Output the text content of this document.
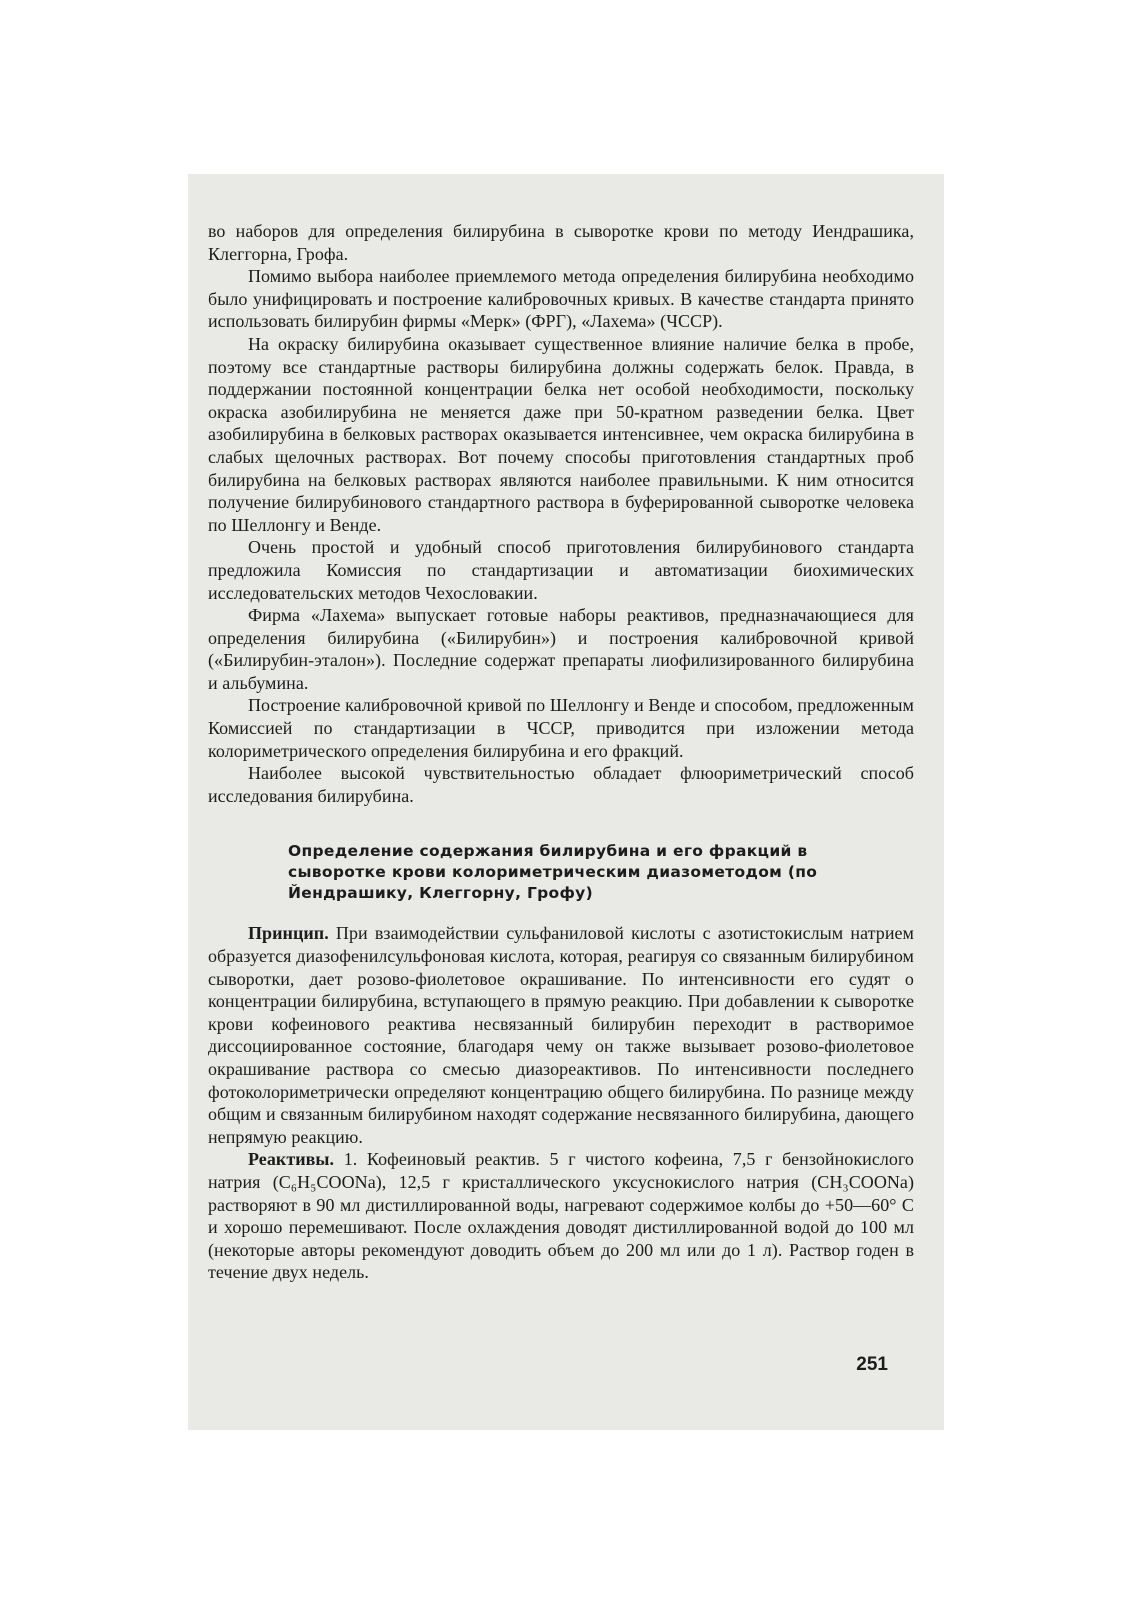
во наборов для определения билирубина в сыворотке крови по методу Иендрашика, Клеггорна, Грофа.

Помимо выбора наиболее приемлемого метода определения билирубина необходимо было унифицировать и построение калибровочных кривых. В качестве стандарта принято использовать билирубин фирмы «Мерк» (ФРГ), «Лахема» (ЧССР).

На окраску билирубина оказывает существенное влияние наличие белка в пробе, поэтому все стандартные растворы билирубина должны содержать белок. Правда, в поддержании постоянной концентрации белка нет особой необходимости, поскольку окраска азобилирубина не меняется даже при 50-кратном разведении белка. Цвет азобилирубина в белковых растворах оказывается интенсивнее, чем окраска билирубина в слабых щелочных растворах. Вот почему способы приготовления стандартных проб билирубина на белковых растворах являются наиболее правильными. К ним относится получение билирубинового стандартного раствора в буферированной сыворотке человека по Шеллонгу и Венде.

Очень простой и удобный способ приготовления билирубинового стандарта предложила Комиссия по стандартизации и автоматизации биохимических исследовательских методов Чехословакии.

Фирма «Лахема» выпускает готовые наборы реактивов, предназначающиеся для определения билирубина («Билирубин») и построения калибровочной кривой («Билирубин-эталон»). Последние содержат препараты лиофилизированного билирубина и альбумина.

Построение калибровочной кривой по Шеллонгу и Венде и способом, предложенным Комиссией по стандартизации в ЧССР, приводится при изложении метода колориметрического определения билирубина и его фракций.

Наиболее высокой чувствительностью обладает флюориметрический способ исследования билирубина.

Определение содержания билирубина и его фракций в сыворотке крови колориметрическим диазометодом (по Йендрашику, Клеггорну, Грофу)

Принцип. При взаимодействии сульфаниловой кислоты с азотистокислым натрием образуется диазофенилсульфоновая кислота, которая, реагируя со связанным билирубином сыворотки, дает розово-фиолетовое окрашивание. По интенсивности его судят о концентрации билирубина, вступающего в прямую реакцию. При добавлении к сыворотке крови кофеинового реактива несвязанный билирубин переходит в растворимое диссоциированное состояние, благодаря чему он также вызывает розово-фиолетовое окрашивание раствора со смесью диазореактивов. По интенсивности последнего фотоколориметрически определяют концентрацию общего билирубина. По разнице между общим и связанным билирубином находят содержание несвязанного билирубина, дающего непрямую реакцию.

Реактивы. 1. Кофеиновый реактив. 5 г чистого кофеина, 7,5 г бензойнокислого натрия (C₆H₅COONa), 12,5 г кристаллического уксуснокислого натрия (CH₃COONa) растворяют в 90 мл дистиллированной воды, нагревают содержимое колбы до +50—60° С и хорошо перемешивают. После охлаждения доводят дистиллированной водой до 100 мл (некоторые авторы рекомендуют доводить объем до 200 мл или до 1 л). Раствор годен в течение двух недель.

251
